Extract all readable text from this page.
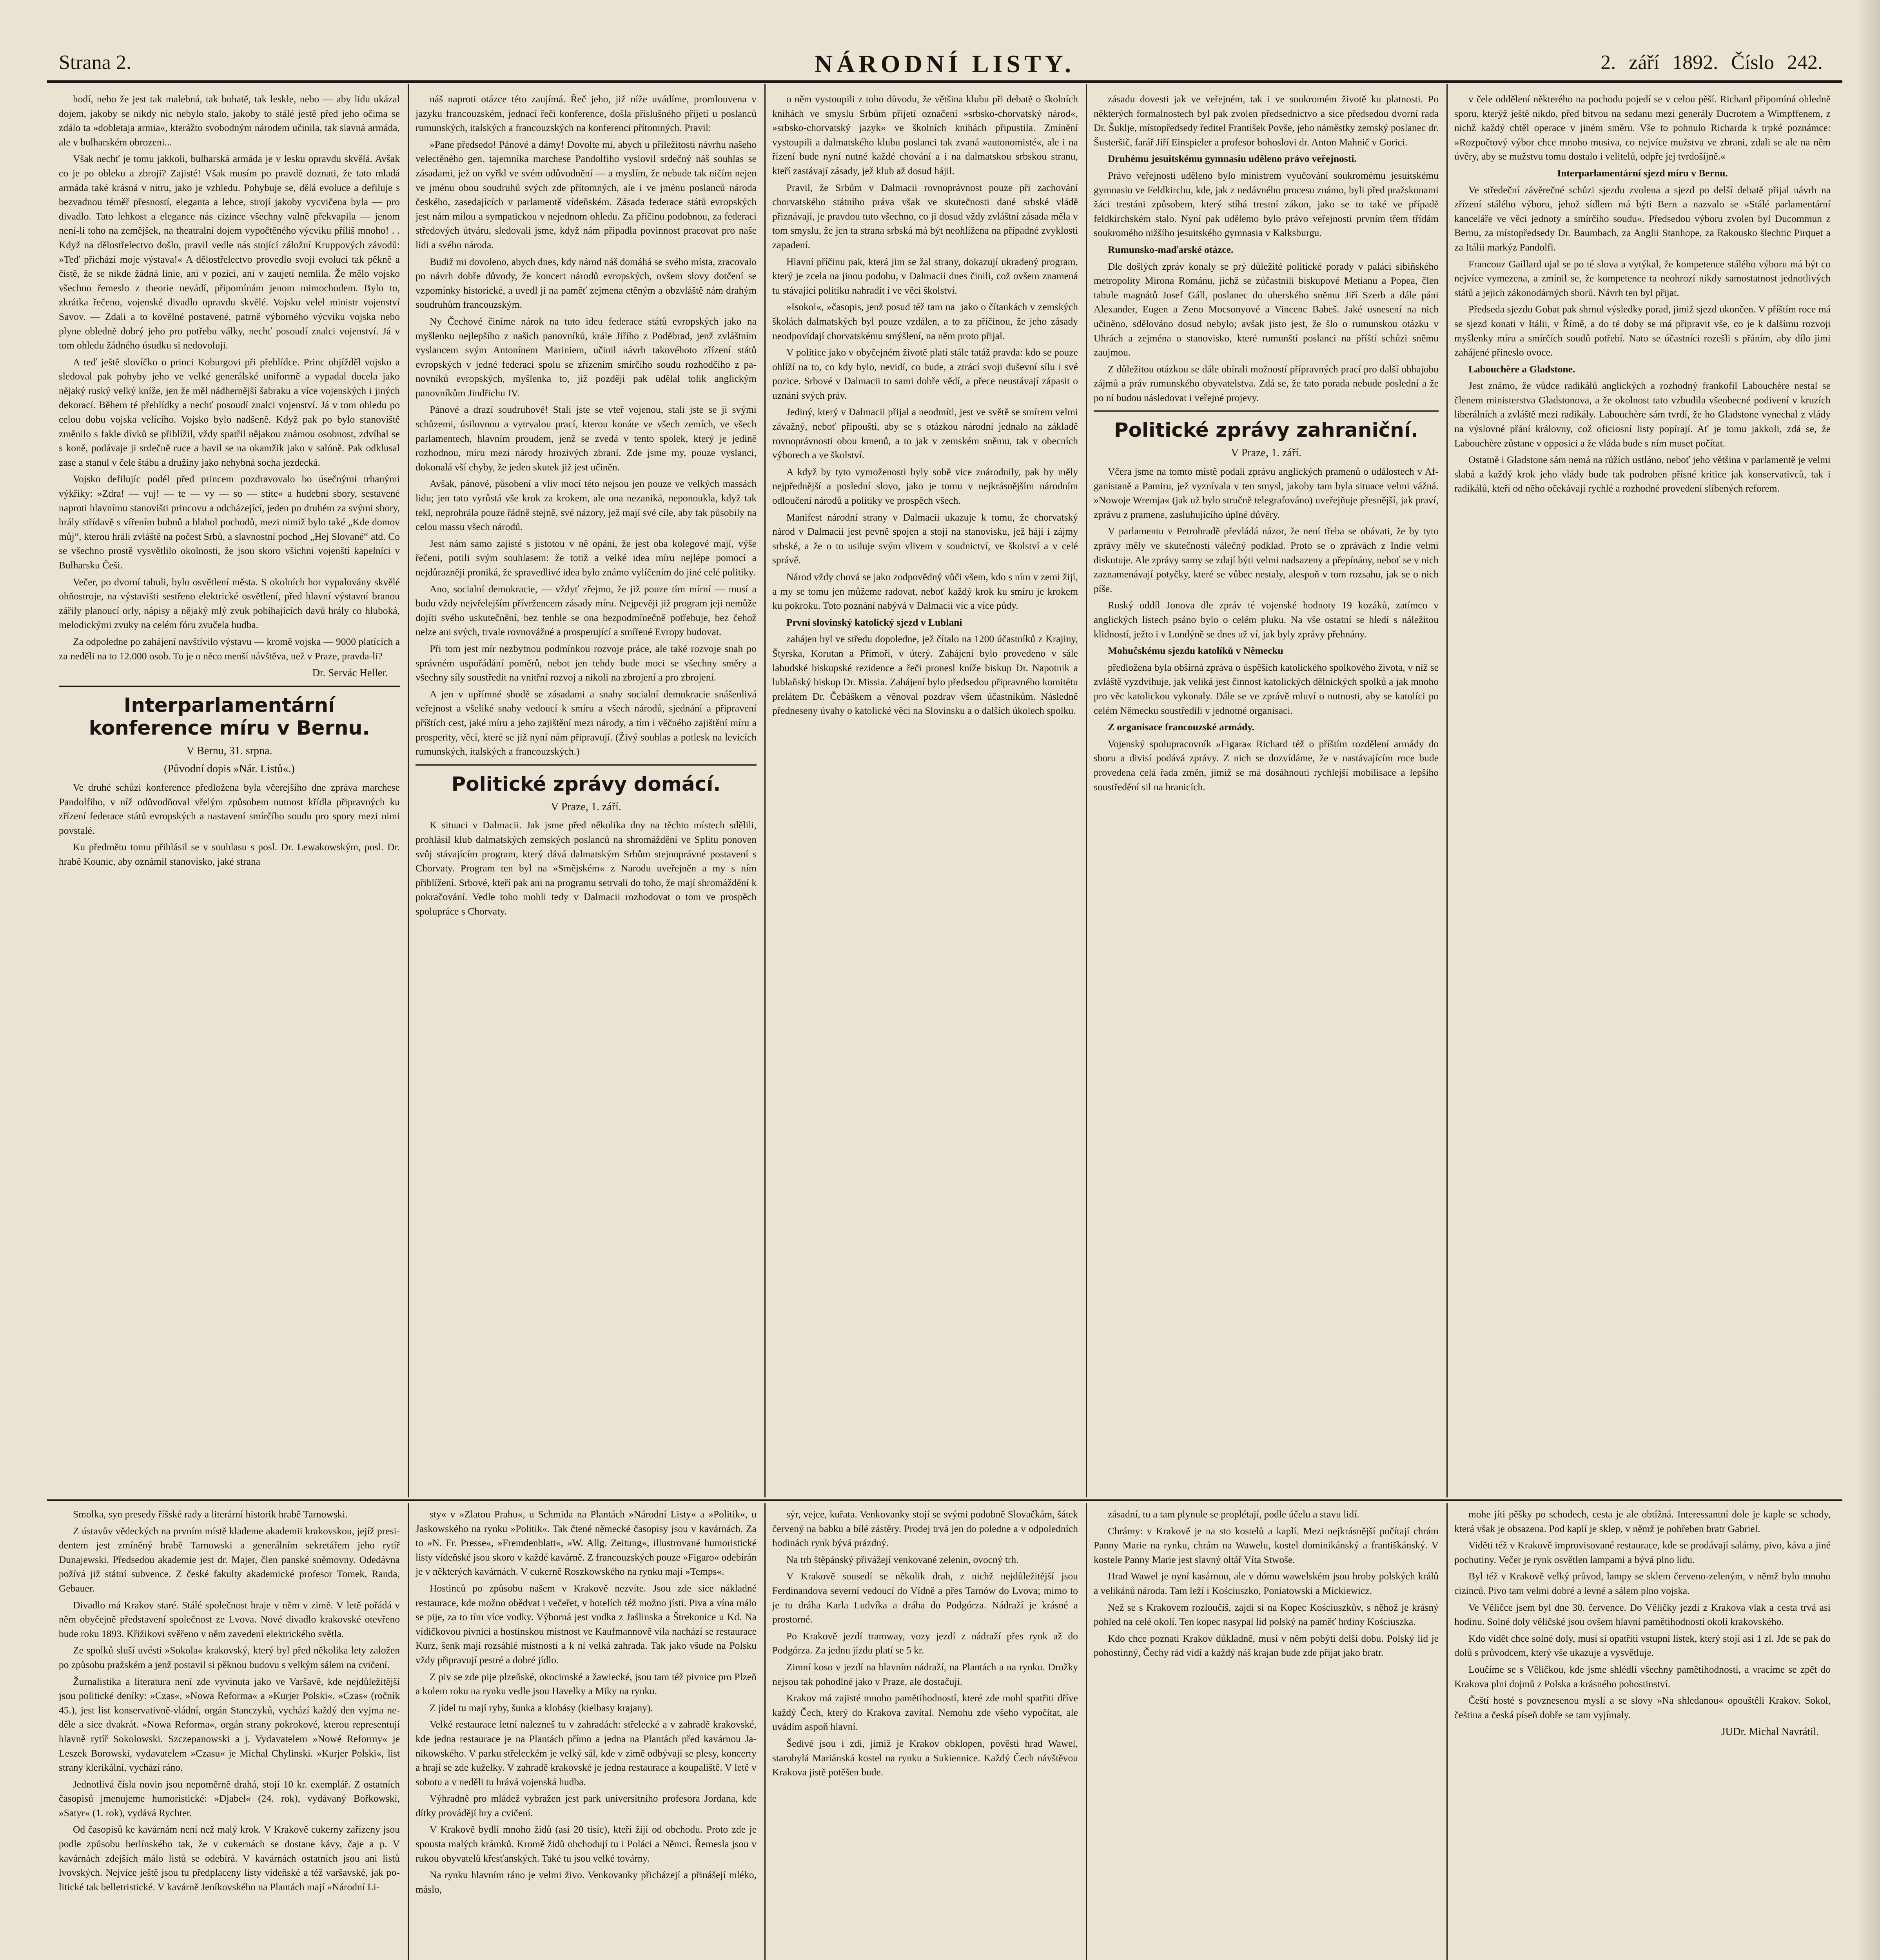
Strana 2.	NÁRODNÍ LISTY.	2. září 1892. Číslo 242.

hodí, nebo že jest tak malebná, tak bohatě, tak leskle, nebo — aby lidu ukázal dojem, jakoby se nikdy nic nebylo stalo, jakoby to stálé jestě před jeho očima se zdálo ta »dobletaja armia«, kterážto svobodným národem učinila, tak slavná armáda, ale v bulharském obrozeni...

Však nechť je tomu jakkoli, bulharská armáda je v lesku opravdu skvělá. Avšak co je po obleku a zbroji? Zajisté! Však musím po pravdě doznati, že tato mladá armáda také krásná v nitru, jako je vzhledu. Pohybuje se, dělá evoluce a defiluje s bezvadnou téměř přesností, eleganta a lehce, strojí jakoby vycvičena byla — pro divadlo. Tato lehkost a elegance nás cizince všechny valně překvapila — jenom není-li toho na zemějšek, na theatralní dojem vypočtěného výcviku příliš mnoho! . . Když na dělostřelectvo došlo, pravil vedle nás stojící záložní Kruppových závodů: »Teď přichází moje výstava!« A dělostřelectvo provedlo svoji evoluci tak pěkně a čistě, že se nikde žádná linie, ani v pozici, ani v zaujetí nemlila. Že mělo vojsko všechno řemeslo z theorie nevádí, připomínám jenom mimochodem. Bylo to, zkrátka řečeno, vojenské divadlo opravdu skvělé. Vojsku velel ministr vojenství Savov. — Zdali a to kovělné postavené, patrně výborného výcviku vojska nebo plyne obledně dobrý jeho pro potřebu války, nechť posoudí znalci vojenství. Já v tom ohledu žádného úsudku si nedovoluji.

A teď ještě slovíčko o princi Koburgovi při přehlídce. Princ objížděl vojsko a sledoval pak pohyby jeho ve velké generálské uniformě a vypadal docela jako nějaký ruský velký kníže, jen že měl nádhernější šabraku a více vojenských i jiných dekorací. Během té přehlídky a nechť posoudí znalci vojenství. Já v tom ohledu po celou dobu vojska velícího. Vojsko bylo nadšeně. Když pak po bylo stanoviště změnilo s fakle dívků se přiblížil, vždy spatřil nějakou známou osobnost, zdvíhal se s koně, podávaje ji srdečně ruce a bavil se na okamžik jako v salóně. Pak odklusal zase a stanul v čele štábu a družiny jako nehybná socha jezdecká.

Vojsko defilujíc podél před princem pozdravovalo bo úsečnými trhanými výkřiky: »Zdra! — vuj! — te — vy — so — stite« a hudební sbory, sestavené naproti hlavnímu stanovišti princovu a odcházející, jeden po druhém za svými sbory, hrály střídavě s vířením bubnů a hlahol pochodů, mezi nimiž bylo také „Kde domov můj“, kterou hráli zvláště na počest Srbů, a slavnostní pochod „Hej Slované“ atd. Co se všechno prostě vysvětlilo okolnosti, že jsou skoro všichni vojenští kapelníci v Bulharsku Češi.

Večer, po dvorní tabuli, bylo osvětlení města. S okolních hor vypalovány skvělé ohňostroje, na výstavišti sestřeno elektrické osvětlení, před hlavní výstavní branou zářily planoucí orly, nápisy a nějaký mlý zvuk pobíhajících davů hrály co hluboká, melodickými zvuky na celém fóru zvučela hudba.

Za odpoledne po zahájení navštívilo výstavu — kromě vojska — 9000 platících a za neděli na to 12.000 osob. To je o něco menší návštěva, než v Praze, pravda-li?

Dr. Servác Heller.
Interparlamentární konference míru v Bernu.
V Bernu, 31. srpna.
(Původní dopis »Nár. Listů«.)

Ve druhé schůzi konference předložena byla včerejšího dne zpráva marchese Pandolfiho, v níž odůvodňoval vřelým způsobem nutnost křídla připravných ku zřízení federace států evropských a nastavení smírčího soudu pro spory mezi nimi povstalé.

Ku předmětu tomu přihlásil se v souhlasu s posl. Dr. Lewakowským, posl. Dr. hrabě Kounic, aby oznámil stanovisko, jaké strana

náš naproti otázce této zaujímá. Řeč jeho, již níže uvádíme, promlouvena v jazyku francouzském, jednací řeči konference, došla příslušného přijetí u poslanců rumunských, italských a francouzských na konferenci přítomných. Pravil:

»Pane předsedo! Pánové a dámy! Dovolte mi, abych u příležitosti návrhu našeho velectěného gen. tajemníka marchese Pandolfiho vyslovil srdečný náš souhlas se zásadami, jež on vyřkl ve svém odůvodnění — a myslím, že nebude tak ničím nejen ve jménu obou soudruhů svých zde přítomných, ale i ve jménu poslanců národa českého, zasedajících v parlamentě vídeňském. Zásada federace států evropských jest nám milou a sympatickou v nejednom ohledu. Za příčinu podobnou, za federaci středových útváru, sledovali jsme, když nám připadla povinnost pracovat pro naše lidi a svého národa.

Budiž mi dovoleno, abych dnes, kdy národ náš domáhá se svého místa, zracovalo po návrh dobře důvody, že koncert národů evropských, ovšem slovy dotčení se vzpomínky historické, a uvedl ji na paměť zejmena ctěným a obzvláště nám drahým soudruhům francouzským.

Ny Čechové činíme nárok na tuto ideu federace států evropských jako na myšlenku nejlepšího z našich panovníků, krále Jiřího z Poděbrad, jenž zvláštním vyslancem svým Antonínem Mariniem, učinil návrh takovéhoto zřízení států evropských v jedné federaci spolu se zřízením smírčího soudu rozhodčího z panovníků evropských, myšlenka to, již později pak udělal tolik anglickým panovníkům Jindřichu IV.

Pánové a drazí soudruhové! Stali jste se vteř vojenou, stali jste se ji svými schůzemi, úsilovnou a vytrvalou prací, kterou konáte ve všech zemích, ve všech parlamentech, hlavním proudem, jenž se zvedá v tento spolek, který je jedině rozhodnou, míru mezi národy hrozivých zbraní. Zde jsme my, pouze vyslanci, dokonalá vší chyby, že jeden skutek již jest učiněn.

Avšak, pánové, působení a vliv mocí této nejsou jen pouze ve velkých massách lidu; jen tato vyrůstá vše krok za krokem, ale ona nezaniká, neponoukla, když tak tekl, neprohrála pouze řádně stejně, své názory, jež mají své cíle, aby tak působily na celou massu všech národů.

Jest nám samo zajisté s jistotou v ně opáni, že jest oba kolegové mají, výše řečeni, potili svým souhlasem: že totiž a velké idea míru nejlépe pomocí a nejdůrazněji proniká, že spravedlivé idea bylo známo vylíčením do jiné celé politiky.

Ano, socialní demokracie, — vždyť zřejmo, že již pouze tím mírní — musí a budu vždy nejvřelejším přívržencem zásady míru. Nejpevěji již program jeji nemůže dojíti svého uskutečnění, bez tenhle se ona bezpodmínečně potřebuje, bez čehož nelze ani svých, trvale rovnovážné a prosperující a smířené Evropy budovat.

Při tom jest mír nezbytnou podmínkou rozvoje práce, ale také rozvoje snah po správném uspořádání poměrů, nebot jen tehdy bude moci se všechny směry a všechny síly soustředit na vnitřní rozvoj a nikoli na zbrojení a pro zbrojení.

A jen v upřímné shodě se zásadami a snahy socialní demokracie snášenlivá veřejnost a všeliké snahy vedoucí k smíru a všech národů, sjednání a připravení příštích cest, jaké míru a jeho zajištění mezi národy, a tím i věčného zajištění míru a prosperity, věcí, které se již nyní nám připravují. (Živý souhlas a potlesk na levicích rumunských, italských a francouzských.)

Politické zprávy domácí.
V Praze, 1. září.

K situaci v Dalmacii. Jak jsme před několika dny na těchto místech sdělili, prohlásil klub dalmatských zemských poslanců na shromáždění ve Splitu ponoven svůj stávajícím program, který dává dalmatským Srbům stejnoprávné postavení s Chorvaty. Program ten byl na »Smějském« z Narodu uveřejněn a my s ním přiblížení. Srbové, kteří pak ani na programu setrvali do toho, že mají shromáždění k pokračování. Vedle toho mohli tedy v Dalmacii rozhodovat o tom ve prospěch spolupráce s Chorvaty.

o něm vystoupili z toho důvodu, že většina klubu při debatě o školních knihách ve smyslu Srbům přijetí označení »srbsko-chorvatský národ«, »srbsko-chorvatský jazyk« ve školních knihách připustila. Zmínění vystoupili a dalmatského klubu poslanci tak zvaná »autonomisté«, ale i na řízení bude nyní nutné každé chování a i na dalmatskou srbskou stranu, kteří zastávají zásady, jež klub až dosud hájil.

Pravil, že Srbům v Dalmacii rovnoprávnost pouze při zachování chorvatského státního práva však ve skutečnosti dané srbské vládě přiznávají, je pravdou tuto všechno, co ji dosud vždy zvláštní zásada měla v tom smyslu, že jen ta strana srbská má být neohlížena na případné zvyklosti zapadení.

Hlavní příčinu pak, která jim se žal strany, dokazují ukradený program, který je zcela na jinou podobu, v Dalmacii dnes činili, což ovšem znamená tu stávající politiku nahradit i ve věci školství.

»Isokol«, »časopis, jenž posud též tam na jako o čítankách v zemských školách dalmatských byl pouze vzdálen, a to za příčinou, že jeho zásady neodpovídají chorvatskému smýšlení, na něm proto přijal.

V politice jako v obyčejném životě platí stále tatáž pravda: kdo se pouze ohlíží na to, co kdy bylo, nevidí, co bude, a ztrácí svoji duševní sílu i své pozice. Srbové v Dalmacii to sami dobře vědí, a přece neustávají zápasit o uznání svých práv.

Jediný, který v Dalmacii přijal a neodmítl, jest ve světě se smírem velmi závažný, neboť připouští, aby se s otázkou národní jednalo na základě rovnoprávnosti obou kmenů, a to jak v zemském sněmu, tak v obecních výborech a ve školství.

A když by tyto vymoženosti byly sobě vice znárodnily, pak by měly nejpřednější a poslední slovo, jako je tomu v nejkrásnějším národním odloučení národů a politiky ve prospěch všech.

Manifest národní strany v Dalmacii ukazuje k tomu, že chorvatský národ v Dalmacii jest pevně spojen a stojí na stanovisku, jež hájí i zájmy srbské, a že o to usiluje svým vlivem v soudnictví, ve školství a v celé správě.

Národ vždy chová se jako zodpovědný vůči všem, kdo s ním v zemi žijí, a my se tomu jen můžeme radovat, neboť každý krok ku smíru je krokem ku pokroku. Toto poznání nabývá v Dalmacii víc a více půdy.

První slovinský katolický sjezd v Lublani

zahájen byl ve středu dopoledne, jež čítalo na 1200 účastníků z Krajiny, Štyrska, Korutan a Přímoří, v úterý. Zahájení bylo provedeno v sále labudské biskupské rezidence a řeči pronesl kníže biskup Dr. Napotnik a lublaňský biskup Dr. Missia. Zahájení bylo předsedou připravného komitétu prelátem Dr. Čebáškem a věnoval pozdrav všem účastníkům. Následně předneseny úvahy o katolické věci na Slovinsku a o dalších úkolech spolku.

zásadu dovesti jak ve veřejném, tak i ve soukromém životě ku platnosti. Po některých formalnostech byl pak zvolen předsednictvo a sice předsedou dvorní rada Dr. Šuklje, místopředsedy ředitel František Povše, jeho náměstky zemský poslanec dr. Šusteršič, farář Jiří Einspieler a profesor bohoslovi dr. Anton Mahnič v Gorici.

Druhému jesuitskému gymnasiu uděleno právo veřejnosti.

Právo veřejnosti uděleno bylo ministrem vyučování soukromému jesuitskému gymnasiu ve Feldkirchu, kde, jak z nedávného procesu známo, byli před pražskonami žáci trestáni způsobem, který stíhá trestní zákon, jako se to také ve případě feldkirchském stalo. Nyní pak udělemo bylo právo veřejnosti prvním třem třídám soukromého nižšího jesuitského gymnasia v Kalksburgu.

Rumunsko-maďarské otázce.

Dle došlých zpráv konaly se prý důležité politické porady v paláci sibiňského metropolity Mirona Románu, jichž se zúčastnili biskupové Metianu a Popea, člen tabule magnátů Josef Gáll, poslanec do uherského sněmu Jiří Szerb a dále páni Alexander, Eugen a Zeno Mocsonyové a Vincenc Babeš. Jaké usnesení na nich učiněno, sdělováno dosud nebylo; avšak jisto jest, že šlo o rumunskou otázku v Uhrách a zejména o stanovisko, které rumunští poslanci na příští schůzi sněmu zaujmou.

Z důležitou otázkou se dále obírali možností přípravných prací pro další obhajobu zájmů a práv rumunského obyvatelstva. Zdá se, že tato porada nebude poslední a že po ní budou následovat i veřejné projevy.

Politické zprávy zahraniční.
V Praze, 1. září.

Včera jsme na tomto místě podali zprávu anglických pramenů o událostech v Afganistaně a Pamiru, jež vyznívala v ten smysl, jakoby tam byla situace velmi vážná. »Nowoje Wremja« (jak už bylo stručně telegrafováno) uveřejňuje přesnější, jak praví, zprávu z pramene, zasluhujícího úplné důvěry.

V parlamentu v Petrohradě převládá názor, že není třeba se obávati, že by tyto zprávy měly ve skutečnosti válečný podklad. Proto se o zprávách z Indie velmi diskutuje. Ale zprávy samy se zdají býti velmi nadsazeny a přepínány, neboť se v nich zaznamenávají potyčky, které se vůbec nestaly, alespoň v tom rozsahu, jak se o nich píše.

Ruský oddíl Jonova dle zpráv té vojenské hodnoty 19 kozáků, zatímco v anglických listech psáno bylo o celém pluku. Na vše ostatní se hledí s náležitou klidností, ježto i v Londýně se dnes už ví, jak byly zprávy přehnány.

Mohučskému sjezdu katolíků v Německu

předložena byla obšírná zpráva o úspěších katolického spolkového života, v níž se zvláště vyzdvihuje, jak veliká jest činnost katolických dělnických spolků a jak mnoho pro věc katolickou vykonaly. Dále se ve zprávě mluví o nutnosti, aby se katolíci po celém Německu soustředili v jednotné organisaci.

Z organisace francouzské armády.

Vojenský spolupracovník »Figara« Richard též o příštím rozdělení armády do sboru a divisí podává zprávy. Z nich se dozvídáme, že v nastávajícím roce bude provedena celá řada změn, jimiž se má dosáhnouti rychlejší mobilisace a lepšího soustředění sil na hranicích.

v čele oddělení některého na pochodu pojedí se v celou pěší. Richard připomíná ohledně sporu, kterýž ještě nikdo, před bitvou na sedanu mezi generály Ducrotem a Wimpffenem, z nichž každý chtěl operace v jiném směru. Vše to pohnulo Richarda k trpké poznámce: »Rozpočtový výbor chce mnoho musiva, co nejvíce mužstva ve zbrani, zdali se ale na něm úvěry, aby se mužstvu tomu dostalo i velitelů, odpře jej tvrdošíjně.«

Interparlamentární sjezd míru v Bernu.

Ve středeční závěrečné schůzi sjezdu zvolena a sjezd po delší debatě přijal návrh na zřízení stálého výboru, jehož sídlem má býti Bern a nazvalo se »Stálé parlamentární kanceláře ve věci jednoty a smírčího soudu«. Předsedou výboru zvolen byl Ducommun z Bernu, za místopředsedy Dr. Baumbach, za Anglii Stanhope, za Rakousko šlechtic Pirquet a za Itálii markýz Pandolfi.

Francouz Gaillard ujal se po té slova a vytýkal, že kompetence stálého výboru má být co nejvíce vymezena, a zmínil se, že kompetence ta neohrozí nikdy samostatnost jednotlivých států a jejich zákonodárných sborů. Návrh ten byl přijat.

Předseda sjezdu Gobat pak shrnul výsledky porad, jimiž sjezd ukončen. V příštím roce má se sjezd konati v Itálii, v Římě, a do té doby se má připravit vše, co je k dalšímu rozvoji myšlenky míru a smírčích soudů potřebí. Nato se účastníci rozešli s přáním, aby dílo jimi zahájené přineslo ovoce.

Labouchère a Gladstone.

Jest známo, že vůdce radikálů anglických a rozhodný frankofil Labouchère nestal se členem ministerstva Gladstonova, a že okolnost tato vzbudila všeobecné podivení v kruzích liberálních a zvláště mezi radikály. Labouchère sám tvrdí, že ho Gladstone vynechal z vlády na výslovné přání královny, což oficiosní listy popírají. Ať je tomu jakkoli, zdá se, že Labouchère zůstane v opposici a že vláda bude s ním muset počítat.

Ostatně i Gladstone sám nemá na růžích ustláno, neboť jeho většina v parlamentě je velmi slabá a každý krok jeho vlády bude tak podroben přísné kritice jak konservativců, tak i radikálů, kteří od něho očekávají rychlé a rozhodné provedení slíbených reforem.

Smolka, syn presedy říšské rady a literární historik hrabě Tarnowski.

Z ústavův vědeckých na prvním místě klademe akademii krakovskou, jejíž presidentem jest zmíněný hrabě Tarnowski a generálním sekretářem jeho rytíř Dunajewski. Předsedou akademie jest dr. Majer, člen panské sněmovny. Odedávna požívá již státní subvence. Z české fakulty akademické profesor Tomek, Randa, Gebauer.

Divadlo má Krakov staré. Stálé společnost hraje v něm v zimě. V letě pořádá v něm obyčejně představení společnost ze Lvova. Nové divadlo krakovské otevřeno bude roku 1893. Křižikovi svěřeno v něm zavedení elektrického světla.

Ze spolků sluší uvésti »Sokola« krakovský, který byl před několika lety založen po způsobu pražském a jenž postavil si pěknou budovu s velkým sálem na cvičení.

Žurnalistika a literatura není zde vyvinuta jako ve Varšavě, kde nejdůležitější jsou politické deníky: »Czas«, »Nowa Reforma« a »Kurjer Polski«. »Czas« (ročník 45.), jest list konservativně-vládní, orgán Stanczyků, vychází každý den vyjma neděle a sice dvakrát. »Nowa Reforma«, orgán strany pokrokové, kterou representují hlavně rytíř Sokolowski. Szczepanowski a j. Vydavatelem »Nowé Reformy« je Leszek Borowski, vydavatelem »Czasu« je Michal Chylinski. »Kurjer Polski«, list strany klerikální, vychází ráno.

Jednotlivá čísla novin jsou nepoměrně drahá, stojí 10 kr. exemplář. Z ostatních časopisů jmenujeme humoristické: »Djabeł« (24. rok), vydávaný Bořkowski, »Satyr« (1. rok), vydává Rychter.

Od časopisů ke kavárnám není než malý krok. V Krakově cukerny zařízeny jsou podle způsobu berlínského tak, že v cukernách se dostane kávy, čaje a p. V kavárnách zdejších málo listů se odebírá. V kavárnách ostatních jsou ani listů lvovských. Nejvíce ještě jsou tu předplaceny listy vídeňské a též varšavské, jak politické tak belletristické. V kavárně Jeníkovského na Plantách mají »Národní Li-

sty« v »Zlatou Prahu«, u Schmida na Plantách »Národní Listy« a »Politik«, u Jaskowského na rynku »Politik«. Tak čtené německé časopisy jsou v kavárnách. Za to »N. Fr. Presse«, »Fremdenblatt«, »W. Allg. Zeitung«, illustrované humoristické listy vídeňské jsou skoro v každé kavárně. Z francouzských pouze »Figaro« odebírán je v některých kavárnách. V cukerně Roszkowského na rynku mají »Temps«.

Hostinců po způsobu našem v Krakově nezvíte. Jsou zde sice nákladné restaurace, kde možno obědvat i večeřet, v hotelích též možno jísti. Piva a vína málo se pije, za to tím více vodky. Výborná jest vodka z Jaślinska a Štrekonice u Kd. Na vídičkovou pivnici a hostinskou místnost ve Kaufmannově vila nachází se restaurace Kurz, šenk mají rozsáhlé místnosti a k ní velká zahrada. Tak jako všude na Polsku vždy připravují pestré a dobré jídlo.

Z piv se zde pije plzeňské, okocimské a žawiecké, jsou tam též pivnice pro Plzeň a kolem roku na rynku vedle jsou Havelky a Miky na rynku.

Z jídel tu mají ryby, šunka a klobásy (kielbasy krajany).

Velké restaurace letní nalezneš tu v zahradách: střelecké a v zahradě krakovské, kde jedna restaurace je na Plantách přímo a jedna na Plantách před kavárnou Janikowského. V parku střeleckém je velký sál, kde v zimě odbývají se plesy, koncerty a hrají se zde kuželky. V zahradě krakovské je jedna restaurace a koupaliště. V letě v sobotu a v neděli tu hrává vojenská hudba.

Výhradně pro mládež vybražen jest park universitního profesora Jordana, kde dítky provádějí hry a cvičení.

V Krakově bydlí mnoho židů (asi 20 tisíc), kteří žijí od obchodu. Proto zde je spousta malých krámků. Kromě židů obchodují tu i Poláci a Němci. Řemesla jsou v rukou obyvatelů křesťanských. Také tu jsou velké továrny.

Na rynku hlavním ráno je velmi živo. Venkovanky přicházejí a přinášejí mléko, máslo,

sýr, vejce, kuřata. Venkovanky stojí se svými podobně Slovačkám, šátek červený na babku a bílé zástěry. Prodej trvá jen do poledne a v odpoledních hodinách rynk bývá prázdný.

Na trh štěpánský přivážejí venkované zelenin, ovocný trh.

V Krakově sousedí se několik drah, z nichž nejdůležitější jsou Ferdinandova severní vedoucí do Vídně a přes Tarnów do Lvova; mimo to je tu dráha Karla Ludvíka a dráha do Podgórza. Nádraží je krásné a prostorné.

Po Krakově jezdí tramway, vozy jezdí z nádraží přes rynk až do Podgórza. Za jednu jízdu platí se 5 kr.

Zimní koso v jezdí na hlavním nádraží, na Plantách a na rynku. Drožky nejsou tak pohodlné jako v Praze, ale dostačují.

Krakov má zajisté mnoho pamětihodností, které zde mohl spatřiti dříve každý Čech, který do Krakova zavítal. Nemohu zde všeho vypočítat, ale uvádím aspoň hlavní.

Šedivé jsou i zdi, jimiž je Krakov obklopen, pověsti hrad Wawel, starobylá Mariánská kostel na rynku a Sukiennice. Každý Čech návštěvou Krakova jistě potěšen bude.

zásadní, tu a tam plynule se proplétají, podle účelu a stavu lidí.

Chrámy: v Krakově je na sto kostelů a kaplí. Mezi nejkrásnější počítají chrám Panny Marie na rynku, chrám na Wawelu, kostel dominikánský a františkánský. V kostele Panny Marie jest slavný oltář Víta Stwoše.

Hrad Wawel je nyní kasárnou, ale v dómu wawelském jsou hroby polských králů a velikánů národa. Tam leží i Kościuszko, Poniatowski a Mickiewicz.

Než se s Krakovem rozloučíš, zajdi si na Kopec Kościuszkův, s něhož je krásný pohled na celé okolí. Ten kopec nasypal lid polský na paměť hrdiny Kościuszka.

Kdo chce poznati Krakov důkladně, musí v něm pobýti delší dobu. Polský lid je pohostinný, Čechy rád vidí a každý náš krajan bude zde přijat jako bratr.

mohe jíti pěšky po schodech, cesta je ale obtížná. Interessantní dole je kaple se schody, která však je obsazena. Pod kaplí je sklep, v němž je pohřeben bratr Gabriel.

Viděti též v Krakově improvisované restaurace, kde se prodávají salámy, pivo, káva a jiné pochutiny. Večer je rynk osvětlen lampami a bývá plno lidu.

Byl též v Krakově velký průvod, lampy se sklem červeno-zeleným, v němž bylo mnoho cizinců. Pivo tam velmi dobré a levné a sálem plno vojska.

Ve Věličce jsem byl dne 30. července. Do Věličky jezdí z Krakova vlak a cesta trvá asi hodinu. Solné doly věličské jsou ovšem hlavní pamětihodností okolí krakovského.

Kdo vidět chce solné doly, musí si opatřiti vstupní lístek, který stojí asi 1 zl. Jde se pak do dolů s průvodcem, který vše ukazuje a vysvětluje.

Loučíme se s Věličkou, kde jsme shlédli všechny pamětihodnosti, a vracíme se zpět do Krakova plni dojmů z Polska a krásného pohostinství.

Čeští hosté s povznesenou myslí a se slovy »Na shledanou« opouštěli Krakov. Sokol, čeština a česká píseň dobře se tam vyjímaly.

JUDr. Michal Navrátil.
